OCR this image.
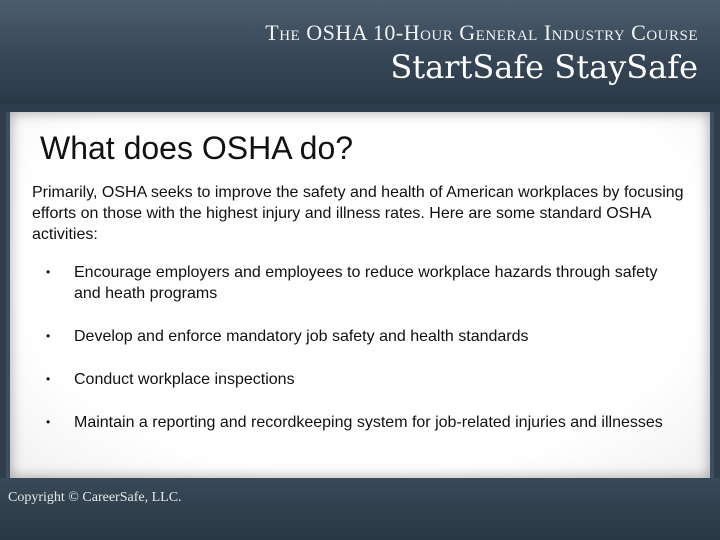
The OSHA 10-Hour General Industry Course
StartSafe StaySafe
What does OSHA do?
Primarily, OSHA seeks to improve the safety and health of American workplaces by focusing efforts on those with the highest injury and illness rates. Here are some standard OSHA activities:
• Encourage employers and employees to reduce workplace hazards through safety and heath programs
• Develop and enforce mandatory job safety and health standards
• Conduct workplace inspections
• Maintain a reporting and recordkeeping system for job-related injuries and illnesses
Copyright © CareerSafe, LLC.
